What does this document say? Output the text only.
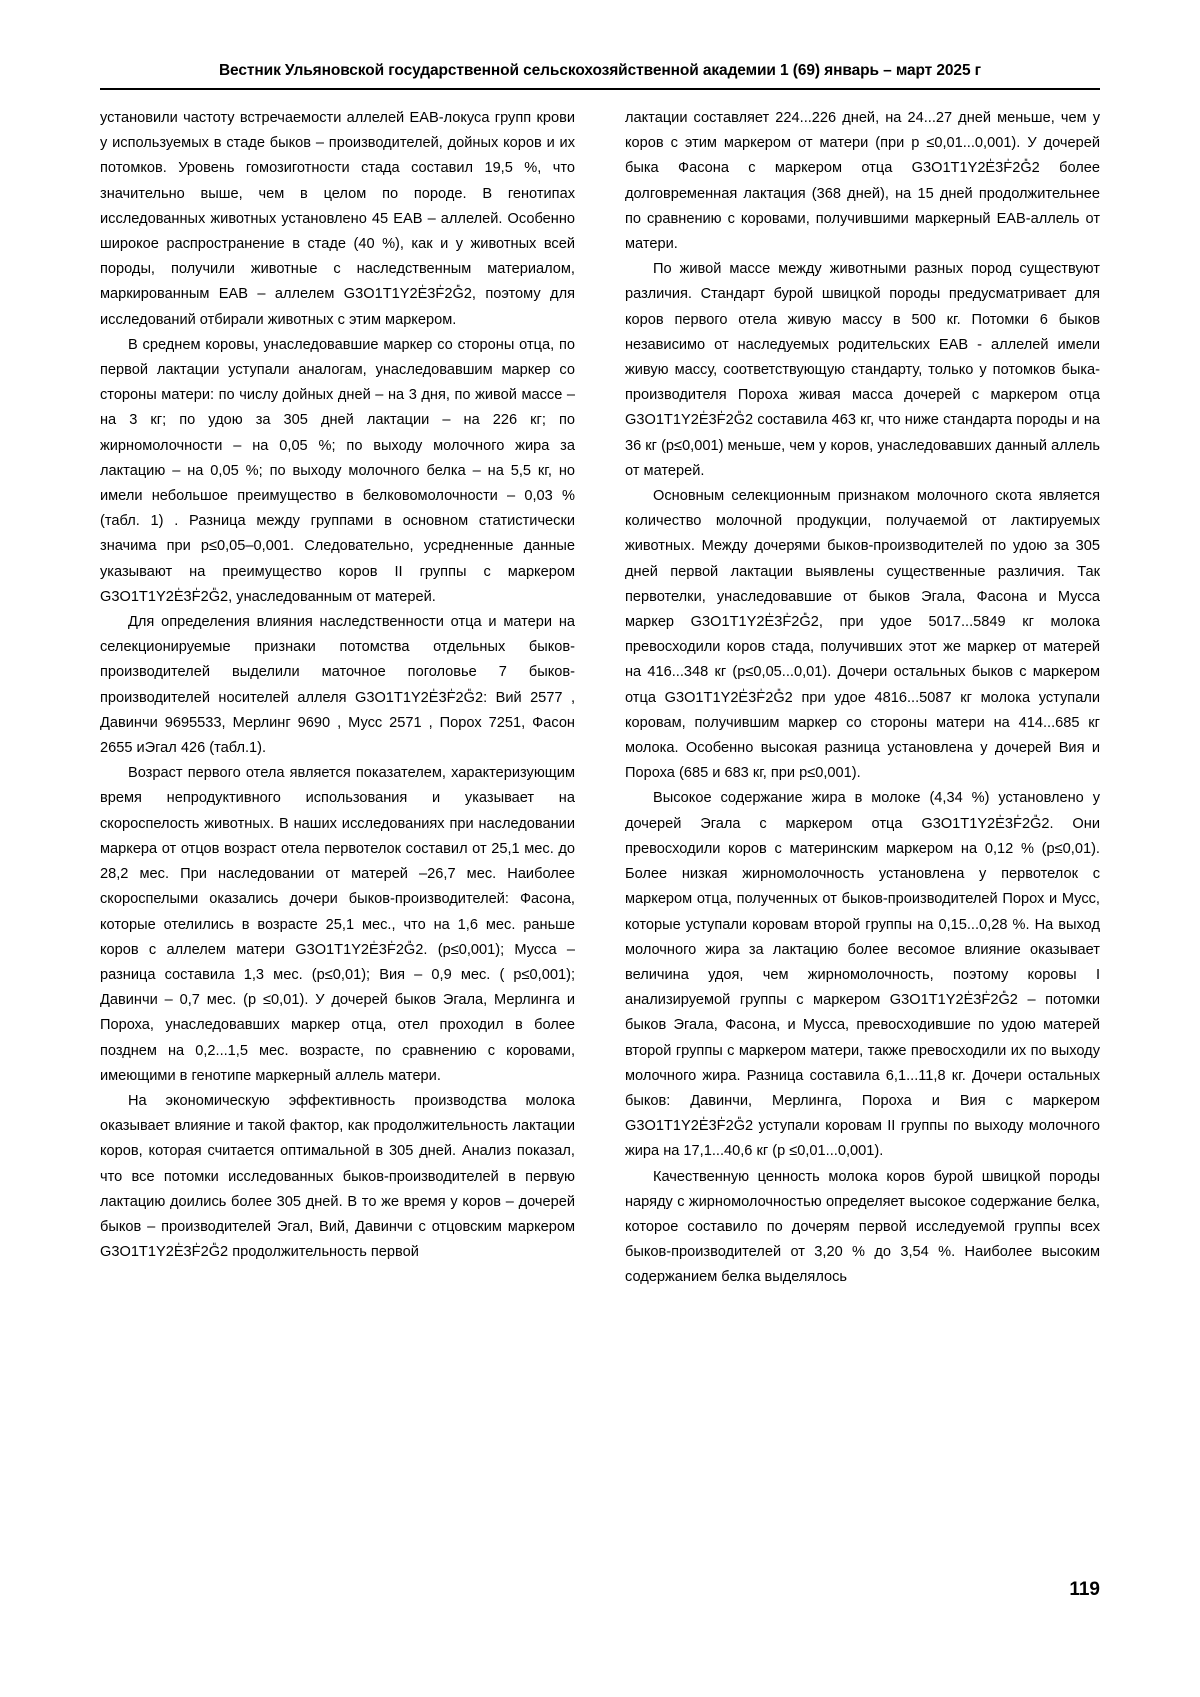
Вестник Ульяновской государственной сельскохозяйственной академии 1 (69) январь – март 2025 г

установили частоту встречаемости аллелей ЕАВ-локуса групп крови у используемых в стаде быков – производителей, дойных коров и их потомков. Уровень гомозиготности стада составил 19,5 %, что значительно выше, чем в целом по породе. В генотипах исследованных животных установлено 45 ЕАВ – аллелей. Особенно широкое распространение в стаде (40 %), как и у животных всей породы, получили животные с наследственным материалом, маркированным ЕАВ – аллелем G3O1T1Y2E̍3F̍2G̎2, поэтому для исследований отбирали животных с этим маркером.

В среднем коровы, унаследовавшие маркер со стороны отца, по первой лактации уступали аналогам, унаследовавшим маркер со стороны матери: по числу дойных дней – на 3 дня, по живой массе – на 3 кг; по удою за 305 дней лактации – на 226 кг; по жирномолочности – на 0,05 %; по выходу молочного жира за лактацию – на 0,05 %; по выходу молочного белка – на 5,5 кг, но имели небольшое преимущество в белковомолочности – 0,03 % (табл. 1) . Разница между группами в основном статистически значима при р≤0,05–0,001. Следовательно, усредненные данные указывают на преимущество коров II группы с маркером G3O1T1Y2E̍3F̍2G̎2, унаследованным от матерей.

Для определения влияния наследственности отца и матери на селекционируемые признаки потомства отдельных быков-производителей выделили маточное поголовье 7 быков-производителей носителей аллеля G3O1T1Y2E̍3F̍2G̎2: Вий 2577 , Давинчи 9695533, Мерлинг 9690 , Мусс 2571 , Порох 7251, Фасон 2655 иЭгал 426 (табл.1).

Возраст первого отела является показателем, характеризующим время непродуктивного использования и указывает на скороспелость животных. В наших исследованиях при наследовании маркера от отцов возраст отела первотелок составил от 25,1 мес. до 28,2 мес. При наследовании от матерей –26,7 мес. Наиболее скороспелыми оказались дочери быков-производителей: Фасона, которые отелились в возрасте 25,1 мес., что на 1,6 мес. раньше коров с аллелем матери G3O1T1Y2E̍3F̍2G̎2. (р≤0,001); Мусса – разница составила 1,3 мес. (р≤0,01); Вия – 0,9 мес. ( р≤0,001); Давинчи – 0,7 мес. (р ≤0,01). У дочерей быков Эгала, Мерлинга и Пороха, унаследовавших маркер отца, отел проходил в более позднем на 0,2...1,5 мес. возрасте, по сравнению с коровами, имеющими в генотипе маркерный аллель матери.

На экономическую эффективность производства молока оказывает влияние и такой фактор, как продолжительность лактации коров, которая считается оптимальной в 305 дней. Анализ показал, что все потомки исследованных быков-производителей в первую лактацию доились более 305 дней. В то же время у коров – дочерей быков – производителей Эгал, Вий, Давинчи с отцовским маркером G3O1T1Y2E̍3F̍2G̎2 продолжительность первой

лактации составляет 224...226 дней, на 24...27 дней меньше, чем у коров с этим маркером от матери (при р ≤0,01...0,001). У дочерей быка Фасона с маркером отца G3O1T1Y2E̍3F̍2G̎2 более долговременная лактация (368 дней), на 15 дней продолжительнее по сравнению с коровами, получившими маркерный ЕАВ-аллель от матери.

По живой массе между животными разных пород существуют различия. Стандарт бурой швицкой породы предусматривает для коров первого отела живую массу в 500 кг. Потомки 6 быков независимо от наследуемых родительских ЕАВ - аллелей имели живую массу, соответствующую стандарту, только у потомков быка-производителя Пороха живая масса дочерей с маркером отца G3O1T1Y2E̍3F̍2G̎2 составила 463 кг, что ниже стандарта породы и на 36 кг (р≤0,001) меньше, чем у коров, унаследовавших данный аллель от матерей.

Основным селекционным признаком молочного скота является количество молочной продукции, получаемой от лактируемых животных. Между дочерями быков-производителей по удою за 305 дней первой лактации выявлены существенные различия. Так первотелки, унаследовавшие от быков Эгала, Фасона и Мусса маркер G3O1T1Y2E̍3F̍2G̎2, при удое 5017...5849 кг молока превосходили коров стада, получивших этот же маркер от матерей на 416...348 кг (р≤0,05...0,01). Дочери остальных быков с маркером отца G3O1T1Y2E̍3F̍2G̎2 при удое 4816...5087 кг молока уступали коровам, получившим маркер со стороны матери на 414...685 кг молока. Особенно высокая разница установлена у дочерей Вия и Пороха (685 и 683 кг, при р≤0,001).

Высокое содержание жира в молоке (4,34 %) установлено у дочерей Эгала с маркером отца G3O1T1Y2E̍3F̍2G̎2. Они превосходили коров с материнским маркером на 0,12 % (р≤0,01). Более низкая жирномолочность установлена у первотелок с маркером отца, полученных от быков-производителей Порох и Мусс, которые уступали коровам второй группы на 0,15...0,28 %. На выход молочного жира за лактацию более весомое влияние оказывает величина удоя, чем жирномолочность, поэтому коровы I анализируемой группы с маркером G3O1T1Y2E̍3F̍2G̎2 – потомки быков Эгала, Фасона, и Мусса, превосходившие по удою матерей второй группы с маркером матери, также превосходили их по выходу молочного жира. Разница составила 6,1...11,8 кг. Дочери остальных быков: Давинчи, Мерлинга, Пороха и Вия с маркером G3O1T1Y2E̍3F̍2G̎2 уступали коровам II группы по выходу молочного жира на 17,1...40,6 кг (р ≤0,01...0,001).

Качественную ценность молока коров бурой швицкой породы наряду с жирномолочностью определяет высокое содержание белка, которое составило по дочерям первой исследуемой группы всех быков-производителей от 3,20 % до 3,54 %. Наиболее высоким содержанием белка выделялось

119
